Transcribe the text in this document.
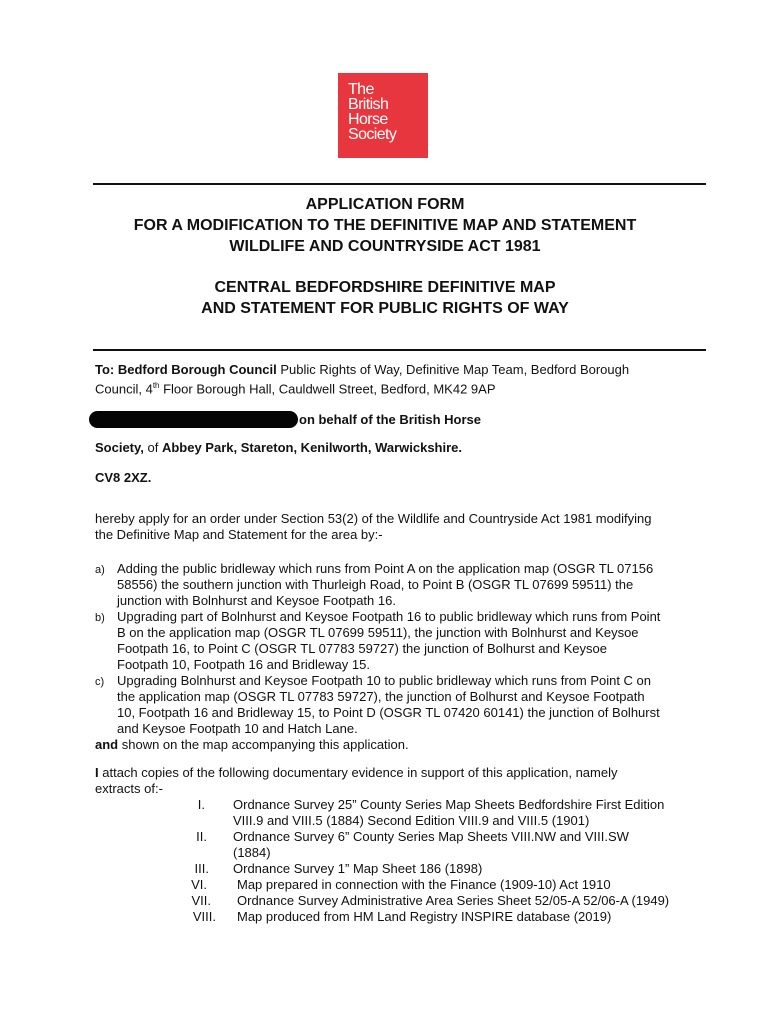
The
British
Horse
Society
APPLICATION FORM
FOR A MODIFICATION TO THE DEFINITIVE MAP AND STATEMENT
WILDLIFE AND COUNTRYSIDE ACT 1981
CENTRAL BEDFORDSHIRE DEFINITIVE MAP
AND STATEMENT FOR PUBLIC RIGHTS OF WAY
To: Bedford Borough Council Public Rights of Way, Definitive Map Team, Bedford Borough
Council, 4th Floor Borough Hall, Cauldwell Street, Bedford, MK42 9AP
on behalf of the British Horse
Society, of Abbey Park, Stareton, Kenilworth, Warwickshire.
CV8 2XZ.
hereby apply for an order under Section 53(2) of the Wildlife and Countryside Act 1981 modifying
the Definitive Map and Statement for the area by:-
a) Adding the public bridleway which runs from Point A on the application map (OSGR TL 07156
58556) the southern junction with Thurleigh Road, to Point B (OSGR TL 07699 59511) the
junction with Bolnhurst and Keysoe Footpath 16.
b) Upgrading part of Bolnhurst and Keysoe Footpath 16 to public bridleway which runs from Point
B on the application map (OSGR TL 07699 59511), the junction with Bolnhurst and Keysoe
Footpath 16, to Point C (OSGR TL 07783 59727) the junction of Bolhurst and Keysoe
Footpath 10, Footpath 16 and Bridleway 15.
c) Upgrading Bolnhurst and Keysoe Footpath 10 to public bridleway which runs from Point C on
the application map (OSGR TL 07783 59727), the junction of Bolhurst and Keysoe Footpath
10, Footpath 16 and Bridleway 15, to Point D (OSGR TL 07420 60141) the junction of Bolhurst
and Keysoe Footpath 10 and Hatch Lane.
and shown on the map accompanying this application.
I attach copies of the following documentary evidence in support of this application, namely
extracts of:-
I. Ordnance Survey 25” County Series Map Sheets Bedfordshire First Edition
VIII.9 and VIII.5 (1884) Second Edition VIII.9 and VIII.5 (1901)
II. Ordnance Survey 6” County Series Map Sheets VIII.NW and VIII.SW
(1884)
III. Ordnance Survey 1” Map Sheet 186 (1898)
VI. Map prepared in connection with the Finance (1909-10) Act 1910
VII. Ordnance Survey Administrative Area Series Sheet 52/05-A 52/06-A (1949)
VIII. Map produced from HM Land Registry INSPIRE database (2019)
